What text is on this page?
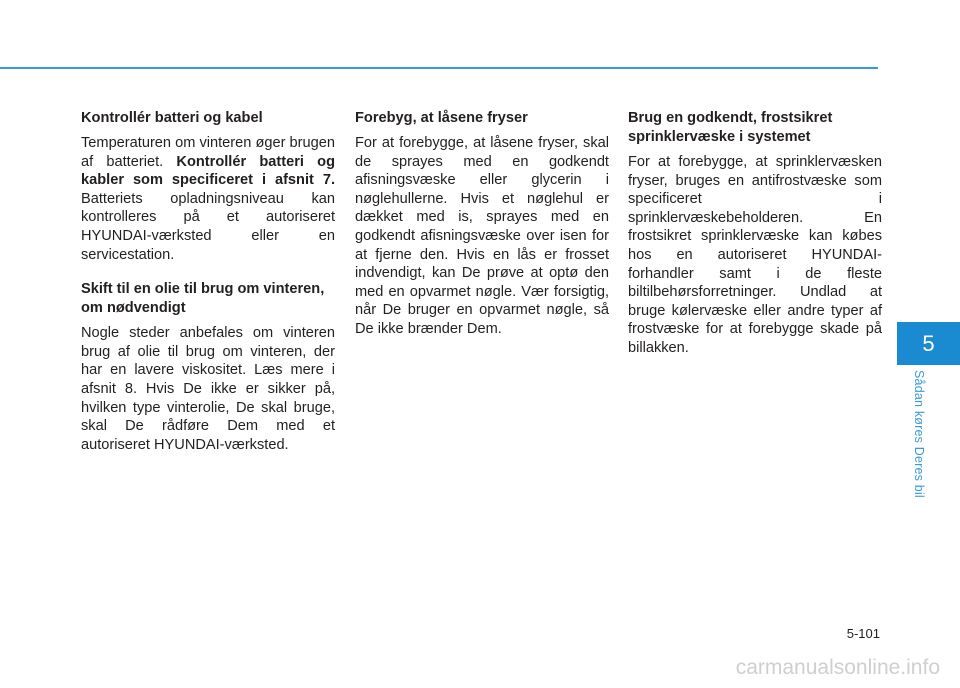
Kontrollér batteri og kabel

Temperaturen om vinteren øger brugen af batteriet. Kontrollér batteri og kabler som specificeret i afsnit 7. Batteriets opladningsniveau kan kontrolleres på et autoriseret HYUNDAI-værksted eller en servicestation.

Skift til en olie til brug om vinteren, om nødvendigt

Nogle steder anbefales om vinteren brug af olie til brug om vinteren, der har en lavere viskositet. Læs mere i afsnit 8. Hvis De ikke er sikker på, hvilken type vinterolie, De skal bruge, skal De rådføre Dem med et autoriseret HYUNDAI-værksted.

Forebyg, at låsene fryser

For at forebygge, at låsene fryser, skal de sprayes med en godkendt afisningsvæske eller glycerin i nøglehullerne. Hvis et nøglehul er dækket med is, sprayes med en godkendt afisningsvæske over isen for at fjerne den. Hvis en lås er frosset indvendigt, kan De prøve at optø den med en opvarmet nøgle. Vær forsigtig, når De bruger en opvarmet nøgle, så De ikke brænder Dem.

Brug en godkendt, frostsikret sprinklervæske i systemet

For at forebygge, at sprinklervæsken fryser, bruges en antifrostvæske som specificeret i sprinklervæskebeholderen. En frostsikret sprinklervæske kan købes hos en autoriseret HYUNDAI-forhandler samt i de fleste biltilbehørsforretninger. Undlad at bruge kølervæske eller andre typer af frostvæske for at forebygge skade på billakken.	5
Sådan køres Deres bil
5-101
carmanualsonline.info
